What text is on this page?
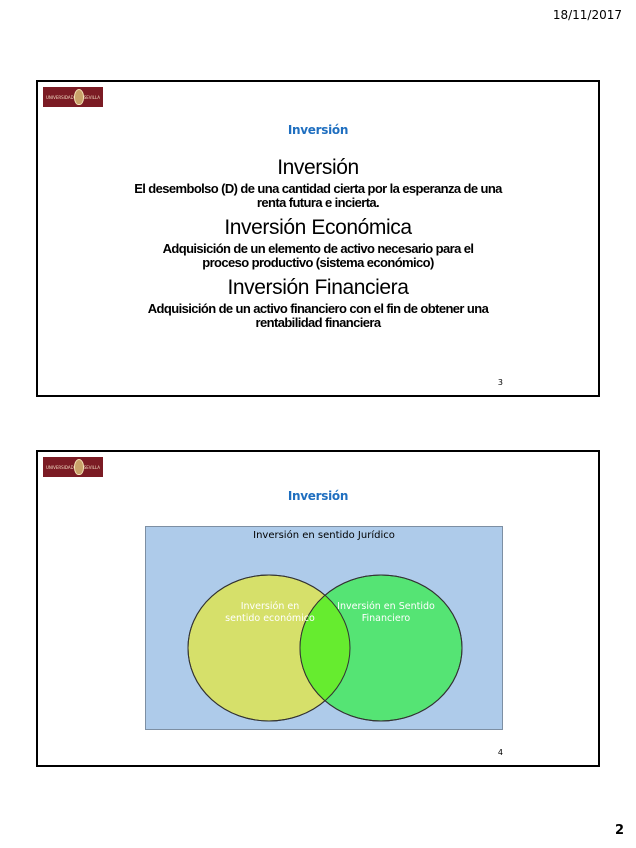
18/11/2017
UNIVERSIDAD	SEVILLA
Inversión
Inversión
El desembolso (D) de una cantidad cierta por la esperanza de una renta futura e incierta.
Inversión Económica
Adquisición de un elemento de activo necesario para el proceso productivo (sistema económico)
Inversión Financiera
Adquisición de un activo financiero con el fin de obtener una rentabilidad financiera
3
UNIVERSIDAD	SEVILLA
Inversión
Inversión en sentido Jurídico
Inversión en sentido económico
Inversión en Sentido Financiero
4
2
